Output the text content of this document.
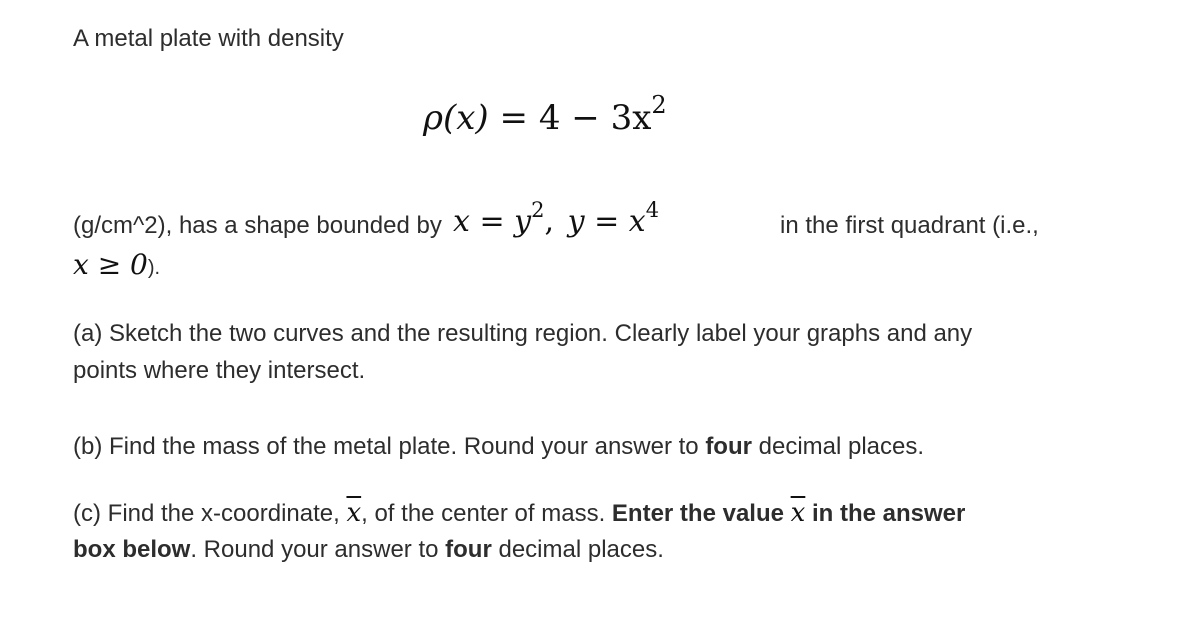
A metal plate with density
$\rho(x) = 4 - 3x^2$
(g/cm^2), has a shape bounded by $x = y^2$, $y = x^4$
in the first quadrant (i.e.,
x ≥ 0).
(a) Sketch the two curves and the resulting region. Clearly label your graphs and any
points where they intersect.
(b) Find the mass of the metal plate. Round your answer to four decimal places.
(c) Find the x-coordinate, $\overline{x}$, of the center of mass. Enter the value $\overline{x}$ in the answer
box below. Round your answer to four decimal places.
